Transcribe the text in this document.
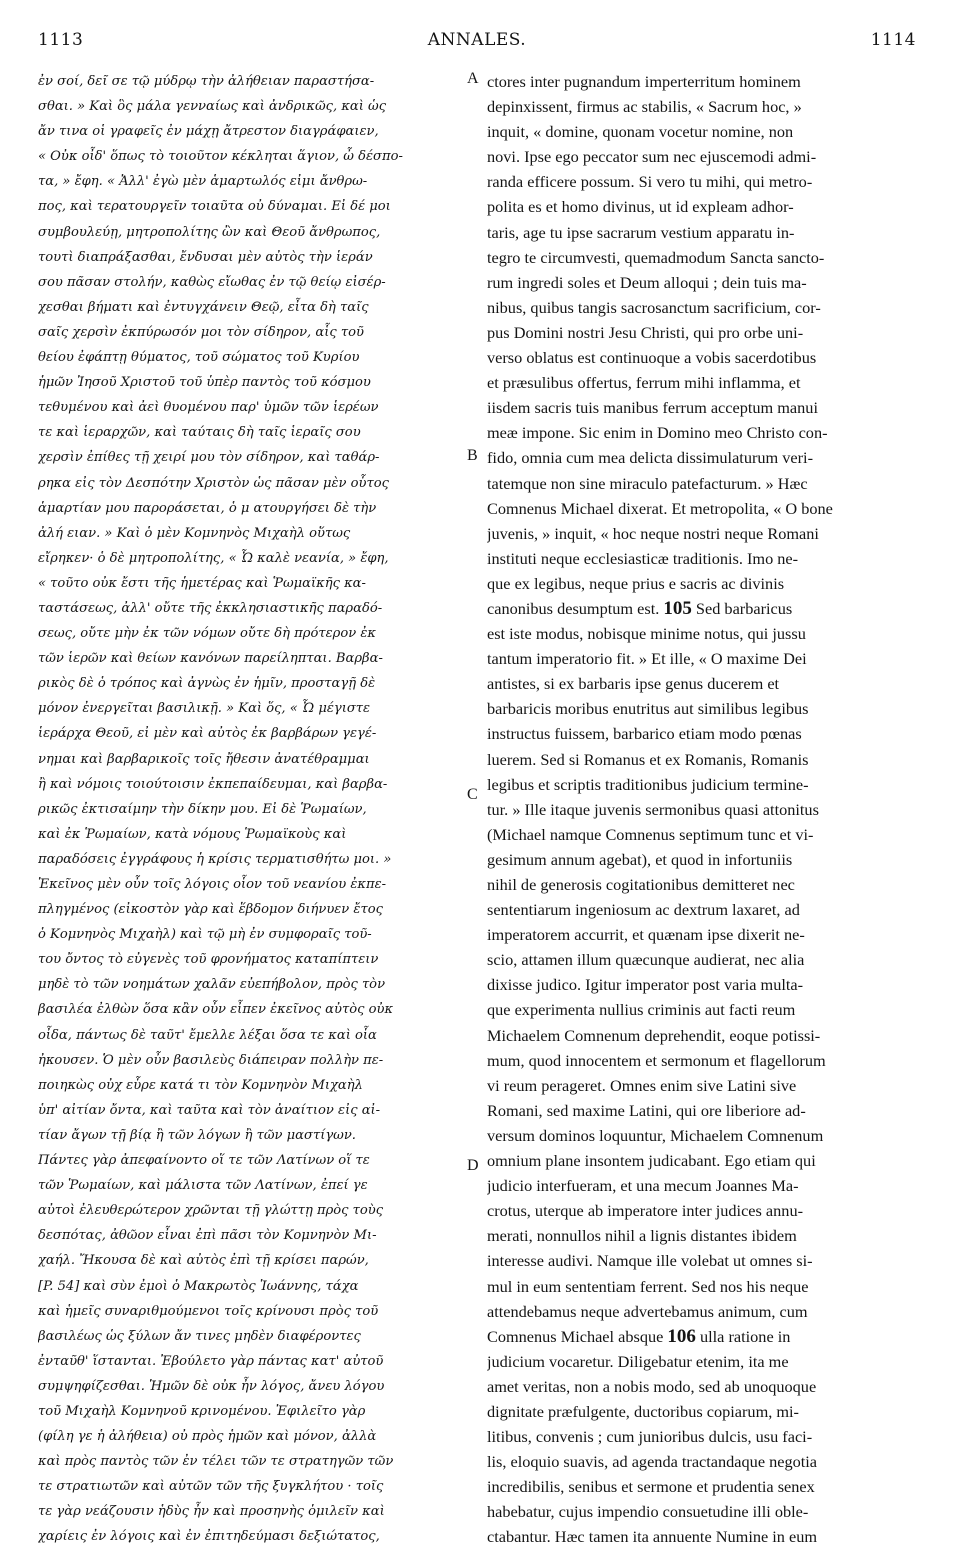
1113	ANNALES.	1114
ἐν σοί, δεῖ σε τῷ μύδρῳ τὴν ἀλήθειαν παραστήσα-
σθαι. » Καὶ ὃς μάλα γενναίως καὶ ἀνδρικῶς, καὶ ὡς
ἄν τινα οἱ γραφεῖς ἐν μάχῃ ἄτρεστον διαγράφαιεν,
« Οὐκ οἶδ' ὅπως τὸ τοιοῦτον κέκληται ἅγιον, ὦ δέσπο-
τα, » ἔφη. « Ἀλλ' ἐγὼ μὲν ἁμαρτωλός εἰμι ἄνθρω-
πος, καὶ τερατουργεῖν τοιαῦτα οὐ δύναμαι. Εἰ δέ μοι
συμβουλεύῃ, μητροπολίτης ὢν καὶ Θεοῦ ἄνθρωπος,
τουτὶ διαπράξασθαι, ἔνδυσαι μὲν αὐτὸς τὴν ἱεράν
σου πᾶσαν στολήν, καθὼς εἴωθας ἐν τῷ θείῳ εἰσέρ-
χεσθαι βήματι καὶ ἐντυγχάνειν Θεῷ, εἶτα δὴ ταῖς
σαῖς χερσὶν ἐκπύρωσόν μοι τὸν σίδηρον, αἷς τοῦ
θείου ἐφάπτῃ θύματος, τοῦ σώματος τοῦ Κυρίου
ἡμῶν Ἰησοῦ Χριστοῦ τοῦ ὑπὲρ παντὸς τοῦ κόσμου
τεθυμένου καὶ ἀεὶ θυομένου παρ' ὑμῶν τῶν ἱερέων
τε καὶ ἱεραρχῶν, καὶ ταύταις δὴ ταῖς ἱεραῖς σου
χερσὶν ἐπίθες τῇ χειρί μου τὸν σίδηρον, καὶ ταθάρ-
ρηκα εἰς τὸν Δεσπότην Χριστὸν ὡς πᾶσαν μὲν οὗτος
ἁμαρτίαν μου παροράσεται, ὁ μ ατουργήσει δὲ τὴν
ἀλή ειαν. » Καὶ ὁ μὲν Κομνηνὸς Μιχαὴλ οὕτως
εἴρηκεν· ὁ δὲ μητροπολίτης, « Ὦ καλὲ νεανία, » ἔφη,
« τοῦτο οὐκ ἔστι τῆς ἡμετέρας καὶ Ῥωμαϊκῆς κα-
ταστάσεως, ἀλλ' οὔτε τῆς ἐκκλησιαστικῆς παραδό-
σεως, οὔτε μὴν ἐκ τῶν νόμων οὔτε δὴ πρότερον ἐκ
τῶν ἱερῶν καὶ θείων κανόνων παρείληπται. Βαρβα-
ρικὸς δὲ ὁ τρόπος καὶ ἀγνὼς ἐν ἡμῖν, προσταγῇ δὲ
μόνον ἐνεργεῖται βασιλικῇ. » Καὶ ὅς, « Ὦ μέγιστε
ἱεράρχα Θεοῦ, εἰ μὲν καὶ αὐτὸς ἐκ βαρβάρων γεγέ-
νημαι καὶ βαρβαρικοῖς τοῖς ἤθεσιν ἀνατέθραμμαι
ἢ καὶ νόμοις τοιούτοισιν ἐκπεπαίδευμαι, καὶ βαρβα-
ρικῶς ἐκτισαίμην τὴν δίκην μου. Εἰ δὲ Ῥωμαίων,
καὶ ἐκ Ῥωμαίων, κατὰ νόμους Ῥωμαϊκοὺς καὶ
παραδόσεις ἐγγράφους ἡ κρίσις τερματισθήτω μοι. »
Ἐκεῖνος μὲν οὖν τοῖς λόγοις οἷον τοῦ νεανίου ἐκπε-
πληγμένος (εἰκοστὸν γὰρ καὶ ἕβδομον διήνυεν ἔτος
ὁ Κομνηνὸς Μιχαὴλ) καὶ τῷ μὴ ἐν συμφοραῖς τοῦ-
του ὄντος τὸ εὐγενὲς τοῦ φρονήματος καταπίπτειν
μηδὲ τὸ τῶν νοημάτων χαλᾶν εὐεπήβολον, πρὸς τὸν
βασιλέα ἐλθὼν ὅσα κἂν οὖν εἶπεν ἐκεῖνος αὐτὸς οὐκ
οἶδα, πάντως δὲ ταῦτ' ἔμελλε λέξαι ὅσα τε καὶ οἷα
ἠκουσεν. Ὁ μὲν οὖν βασιλεὺς διάπειραν πολλὴν πε-
ποιηκὼς οὐχ εὗρε κατά τι τὸν Κομνηνὸν Μιχαὴλ
ὑπ' αἰτίαν ὄντα, καὶ ταῦτα καὶ τὸν ἀναίτιον εἰς αἰ-
τίαν ἄγων τῇ βίᾳ ἢ τῶν λόγων ἢ τῶν μαστίγων.
Πάντες γὰρ ἀπεφαίνοντο οἵ τε τῶν Λατίνων οἵ τε
τῶν Ῥωμαίων, καὶ μάλιστα τῶν Λατίνων, ἐπεί γε
αὐτοὶ ἐλευθερώτερον χρῶνται τῇ γλώττῃ πρὸς τοὺς
δεσπότας, ἀθῶον εἶναι ἐπὶ πᾶσι τὸν Κομνηνὸν Μι-
χαήλ. Ἤκουσα δὲ καὶ αὐτὸς ἐπὶ τῇ κρίσει παρών,
[P. 54] καὶ σὺν ἐμοὶ ὁ Μακρωτὸς Ἰωάννης, τάχα
καὶ ἡμεῖς συναριθμούμενοι τοῖς κρίνουσι πρὸς τοῦ
βασιλέως ὡς ξύλων ἄν τινες μηδὲν διαφέροντες
ἐνταῦθ' ἵστανται. Ἐβούλετο γὰρ πάντας κατ' αὐτοῦ
συμψηφίζεσθαι. Ἡμῶν δὲ οὐκ ἦν λόγος, ἄνευ λόγου
τοῦ Μιχαὴλ Κομνηνοῦ κρινομένου. Ἐφιλεῖτο γὰρ
(φίλη γε ἡ ἀλήθεια) οὐ πρὸς ἡμῶν καὶ μόνον, ἀλλὰ
καὶ πρὸς παντὸς τῶν ἐν τέλει τῶν τε στρατηγῶν τῶν
τε στρατιωτῶν καὶ αὐτῶν τῶν τῆς ξυγκλήτου · τοῖς
τε γὰρ νεάζουσιν ἡδὺς ἦν καὶ προσηνὴς ὁμιλεῖν καὶ
χαρίεις ἐν λόγοις καὶ ἐν ἐπιτηδεύμασι δεξιώτατος,
ctores inter pugnandum imperterritum hominem
depinxissent, firmus ac stabilis, « Sacrum hoc, »
inquit, « domine, quonam vocetur nomine, non
novi. Ipse ego peccator sum nec ejuscemodi admi-
randa efficere possum. Si vero tu mihi, qui metro-
polita es et homo divinus, ut id expleam adhor-
taris, age tu ipse sacrarum vestium apparatu in-
tegro te circumvesti, quemadmodum Sancta sancto-
rum ingredi soles et Deum alloqui ; dein tuis ma-
nibus, quibus tangis sacrosanctum sacrificium, cor-
pus Domini nostri Jesu Christi, qui pro orbe uni-
verso oblatus est continuoque a vobis sacerdotibus
et præsulibus offertus, ferrum mihi inflamma, et
iisdem sacris tuis manibus ferrum acceptum manui
meæ impone. Sic enim in Domino meo Christo con-
fido, omnia cum mea delicta dissimulaturum veri-
tatemque non sine miraculo patefacturum. » Hæc
Comnenus Michael dixerat. Et metropolita, « O bone
juvenis, » inquit, « hoc neque nostri neque Romani
instituti neque ecclesiasticæ traditionis. Imo ne-
que ex legibus, neque prius e sacris ac divinis
canonibus desumptum est. 105 Sed barbaricus
est iste modus, nobisque minime notus, qui jussu
tantum imperatorio fit. » Et ille, « O maxime Dei
antistes, si ex barbaris ipse genus ducerem et
barbaricis moribus enutritus aut similibus legibus
instructus fuissem, barbarico etiam modo pœnas
luerem. Sed si Romanus et ex Romanis, Romanis
legibus et scriptis traditionibus judicium termine-
tur. » Ille itaque juvenis sermonibus quasi attonitus
(Michael namque Comnenus septimum tunc et vi-
gesimum annum agebat), et quod in infortuniis
nihil de generosis cogitationibus demitteret nec
sententiarum ingeniosum ac dextrum laxaret, ad
imperatorem accurrit, et quænam ipse dixerit ne-
scio, attamen illum quæcunque audierat, nec alia
dixisse judico. Igitur imperator post varia multa-
que experimenta nullius criminis aut facti reum
Michaelem Comnenum deprehendit, eoque potissi-
mum, quod innocentem et sermonum et flagellorum
vi reum perageret. Omnes enim sive Latini sive
Romani, sed maxime Latini, qui ore liberiore ad-
versum dominos loquuntur, Michaelem Comnenum
omnium plane insontem judicabant. Ego etiam qui
judicio interfueram, et una mecum Joannes Ma-
crotus, uterque ab imperatore inter judices annu-
merati, nonnullos nihil a lignis distantes ibidem
interesse audivi. Namque ille volebat ut omnes si-
mul in eum sententiam ferrent. Sed nos his neque
attendebamus neque advertebamus animum, cum
Comnenus Michael absque 106 ulla ratione in
judicium vocaretur. Diligebatur etenim, ita me
amet veritas, non a nobis modo, sed ab unoquoque
dignitate præfulgente, ductoribus copiarum, mi-
litibus, convenis ; cum junioribus dulcis, usu faci-
lis, eloquio suavis, ad agenda tractandaque negotia
incredibilis, senibus et sermone et prudentia senex
habebatur, cujus impendio consuetudine illi oble-
ctabantur. Hæc tamen ita annuente Numine in eum
A
B
C
D
